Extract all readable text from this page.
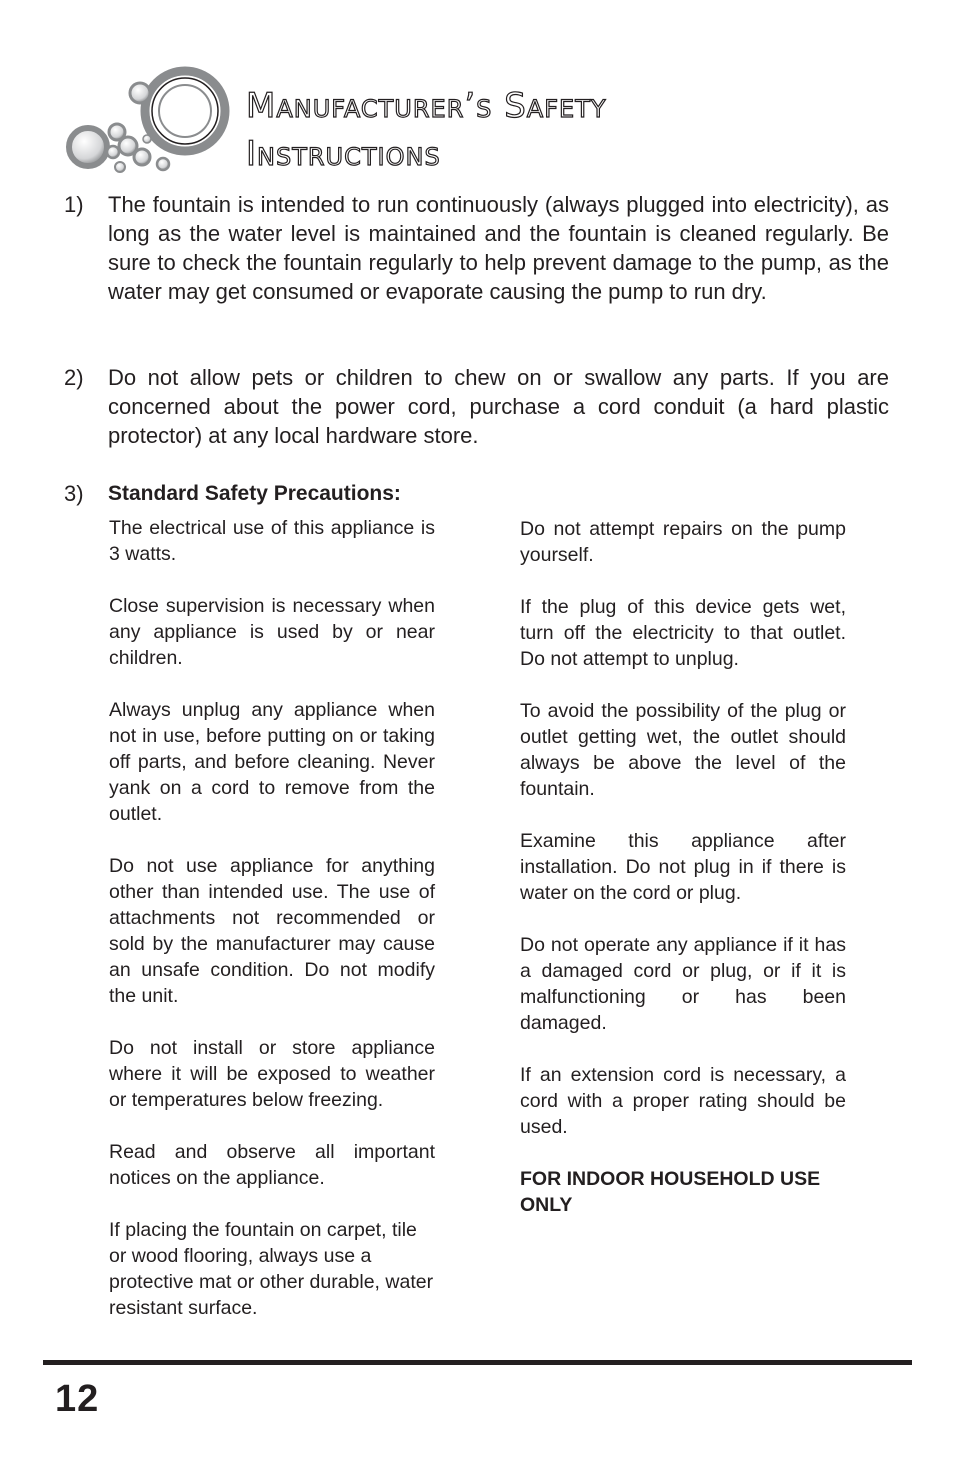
Manufacturer’s Safety
Instructions
1)	The fountain is intended to run continuously (always plugged into electricity), as long as the water level is maintained and the fountain is cleaned regularly. Be sure to check the fountain regularly to help prevent damage to the pump, as the water may get consumed or evaporate causing the pump to run dry.
2)	Do not allow pets or children to chew on or swallow any parts. If you are concerned about the power cord, purchase a cord conduit (a hard plastic protector) at any local hardware store.
3)	Standard Safety Precautions:

The electrical use of this appliance is 3 watts.

Close supervision is necessary when any appliance is used by or near children.

Always unplug any appliance when not in use, before putting on or taking off parts, and before cleaning. Never yank on a cord to remove from the outlet.

Do not use appliance for anything other than intended use. The use of attachments not recommended or sold by the manufacturer may cause an unsafe condition. Do not modify the unit.

Do not install or store appliance where it will be exposed to weather or temperatures below freezing.

Read and observe all important notices on the appliance.

If placing the fountain on carpet, tile or wood flooring, always use a protective mat or other durable, water resistant surface.

Do not attempt repairs on the pump yourself.

If the plug of this device gets wet, turn off the electricity to that outlet. Do not attempt to unplug.

To avoid the possibility of the plug or outlet getting wet, the outlet should always be above the level of the fountain.

Examine this appliance after installation. Do not plug in if there is water on the cord or plug.

Do not operate any appliance if it has a damaged cord or plug, or if it is malfunctioning or has been damaged.

If an extension cord is necessary, a cord with a proper rating should be used.

FOR INDOOR HOUSEHOLD USE ONLY

12
